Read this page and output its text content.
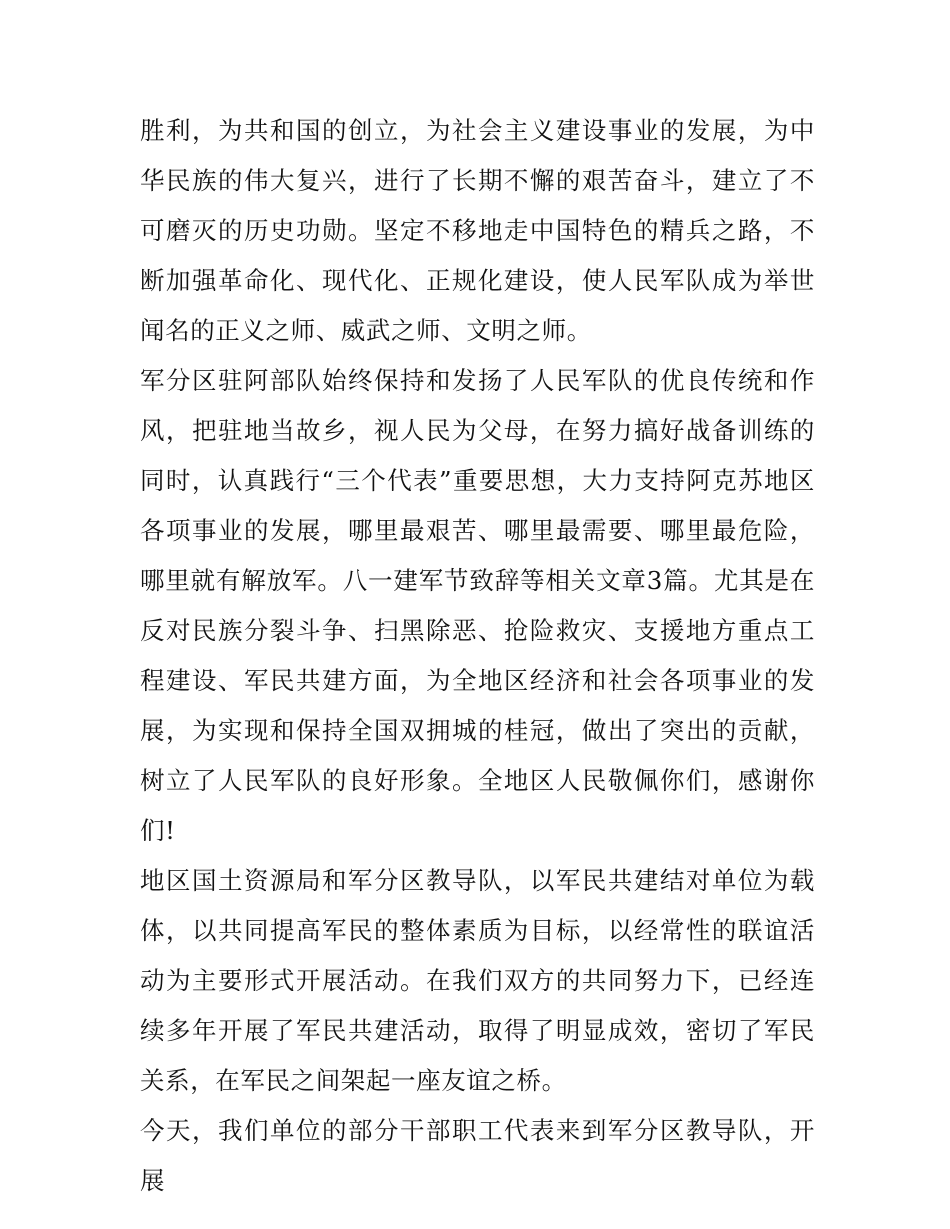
胜利，为共和国的创立，为社会主义建设事业的发展，为中华民族的伟大复兴，进行了长期不懈的艰苦奋斗，建立了不可磨灭的历史功勋。坚定不移地走中国特色的精兵之路，不断加强革命化、现代化、正规化建设，使人民军队成为举世闻名的正义之师、威武之师、文明之师。

军分区驻阿部队始终保持和发扬了人民军队的优良传统和作风，把驻地当故乡，视人民为父母，在努力搞好战备训练的同时，认真践行“三个代表”重要思想，大力支持阿克苏地区各项事业的发展，哪里最艰苦、哪里最需要、哪里最危险，哪里就有解放军。八一建军节致辞等相关文章3篇。尤其是在反对民族分裂斗争、扫黑除恶、抢险救灾、支援地方重点工程建设、军民共建方面，为全地区经济和社会各项事业的发展，为实现和保持全国双拥城的桂冠，做出了突出的贡献，树立了人民军队的良好形象。全地区人民敬佩你们，感谢你们!

地区国土资源局和军分区教导队，以军民共建结对单位为载体，以共同提高军民的整体素质为目标，以经常性的联谊活动为主要形式开展活动。在我们双方的共同努力下，已经连续多年开展了军民共建活动，取得了明显成效，密切了军民关系，在军民之间架起一座友谊之桥。

今天，我们单位的部分干部职工代表来到军分区教导队，开展
